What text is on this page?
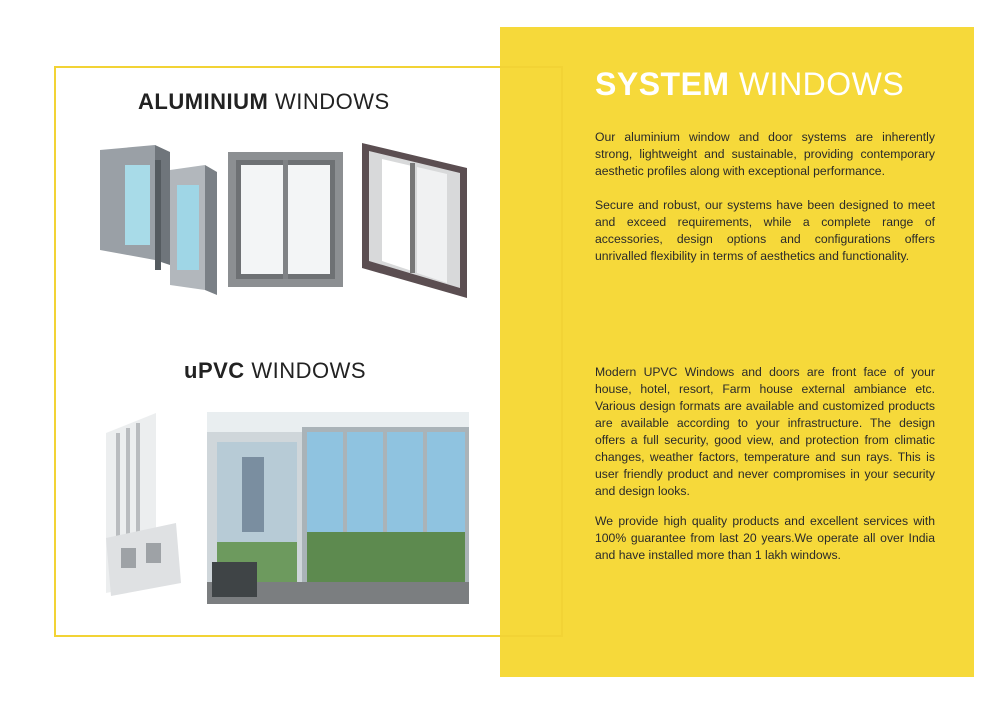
ALUMINIUM WINDOWS
uPVC WINDOWS
SYSTEM WINDOWS
Our aluminium window and door systems are inherently strong, lightweight and sustainable, providing contemporary aesthetic profiles along with exceptional performance.
Secure and robust, our systems have been designed to meet and exceed requirements, while a complete range of accessories, design options and configurations offers unrivalled flexibility in terms of aesthetics and functionality.
Modern UPVC Windows and doors are front face of your house, hotel, resort, Farm house external ambiance etc. Various design formats are available and customized products are available according to your infrastructure. The design offers a full security, good view, and protection from climatic changes, weather factors, temperature and sun rays. This is user friendly product and never compromises in your security and design looks.
We provide high quality products and excellent services with 100% guarantee from last 20 years.We operate all over India and have installed more than 1 lakh windows.
